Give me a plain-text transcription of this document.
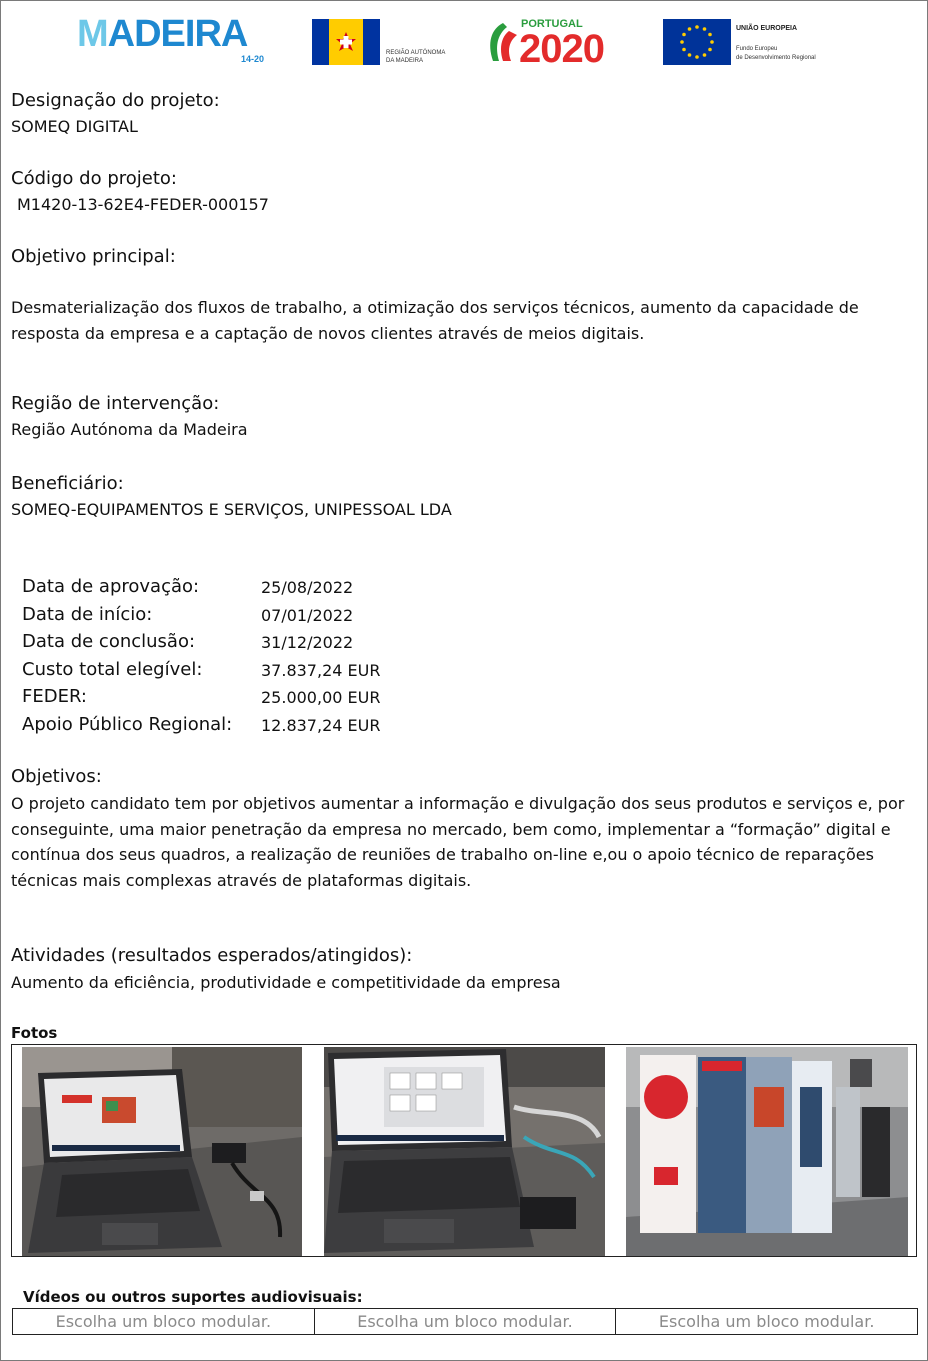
MADEIRA
14-20
REGIÃO AUTÓNOMA
DA MADEIRA
PORTUGAL
2020	UNIÃO EUROPEIA
Fundo Europeu
de Desenvolvimento Regional
Designação do projeto:
SOMEQ DIGITAL
Código do projeto:
M1420-13-62E4-FEDER-000157
Objetivo principal:
Desmaterialização dos fluxos de trabalho, a otimização dos serviços técnicos, aumento da capacidade de resposta da empresa e a captação de novos clientes através de meios digitais.
Região de intervenção:
Região Autónoma da Madeira
Beneficiário:
SOMEQ-EQUIPAMENTOS E SERVIÇOS, UNIPESSOAL LDA
Data de aprovação:	25/08/2022
Data de início:	07/01/2022
Data de conclusão:	31/12/2022
Custo total elegível:	37.837,24 EUR
FEDER:	25.000,00 EUR
Apoio Público Regional: 12.837,24 EUR
Objetivos:
O projeto candidato tem por objetivos aumentar a informação e divulgação dos seus produtos e serviços e, por conseguinte, uma maior penetração da empresa no mercado, bem como, implementar a “formação” digital e contínua dos seus quadros, a realização de reuniões de trabalho on-line e,ou o apoio técnico de reparações técnicas mais complexas através de plataformas digitais.
Atividades (resultados esperados/atingidos):
Aumento da eficiência, produtividade e competitividade da empresa
Fotos
Vídeos ou outros suportes audiovisuais:
Escolha um bloco modular.	Escolha um bloco modular.	Escolha um bloco modular.
